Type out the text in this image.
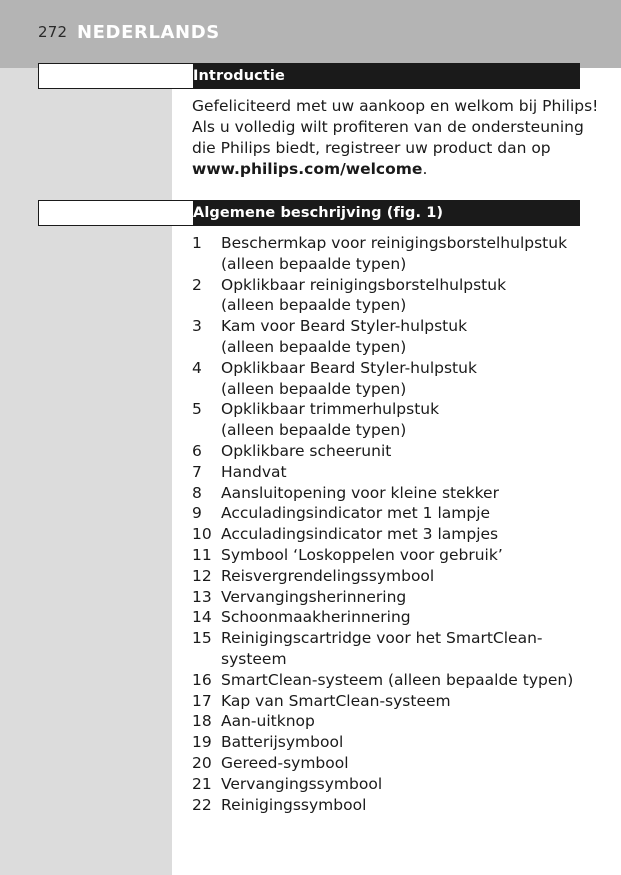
272 NEDERLANDS
Introductie
Gefeliciteerd met uw aankoop en welkom bij Philips!
Als u volledig wilt profiteren van de ondersteuning
die Philips biedt, registreer uw product dan op
www.philips.com/welcome.
Algemene beschrijving (fig. 1)
1 Beschermkap voor reinigingsborstelhulpstuk
(alleen bepaalde typen)
2 Opklikbaar reinigingsborstelhulpstuk
(alleen bepaalde typen)
3 Kam voor Beard Styler-hulpstuk
(alleen bepaalde typen)
4 Opklikbaar Beard Styler-hulpstuk
(alleen bepaalde typen)
5 Opklikbaar trimmerhulpstuk
(alleen bepaalde typen)
6 Opklikbare scheerunit
7 Handvat
8 Aansluitopening voor kleine stekker
9 Acculadingsindicator met 1 lampje
10 Acculadingsindicator met 3 lampjes
11 Symbool ‘Loskoppelen voor gebruik’
12 Reisvergrendelingssymbool
13 Vervangingsherinnering
14 Schoonmaakherinnering
15 Reinigingscartridge voor het SmartClean-
systeem
16 SmartClean-systeem (alleen bepaalde typen)
17 Kap van SmartClean-systeem
18 Aan-uitknop
19 Batterijsymbool
20 Gereed-symbool
21 Vervangingssymbool
22 Reinigingssymbool
